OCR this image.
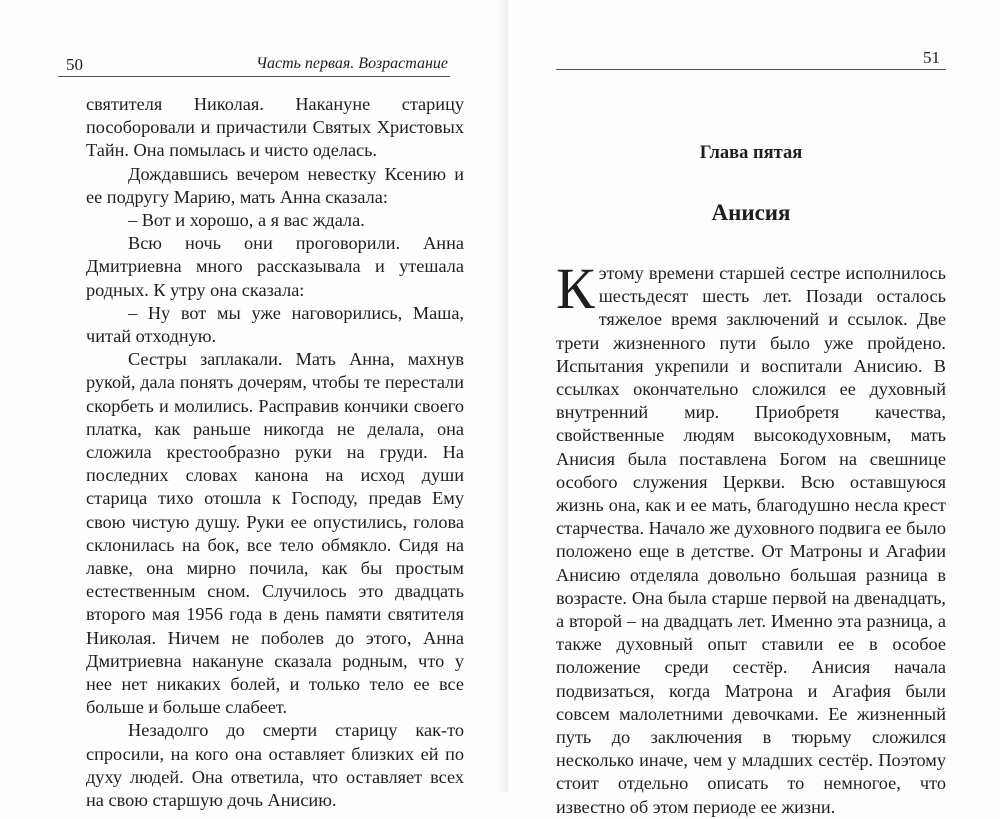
50	Часть первая. Возрастание

святителя Николая. Накануне старицу пособоровали и причастили Святых Христовых Тайн. Она помылась и чисто оделась.

Дождавшись вечером невестку Ксению и ее подругу Марию, мать Анна сказала:

– Вот и хорошо, а я вас ждала.

Всю ночь они проговорили. Анна Дмитриевна много рассказывала и утешала родных. К утру она сказала:

– Ну вот мы уже наговорились, Маша, читай отходную.

Сестры заплакали. Мать Анна, махнув рукой, дала понять дочерям, чтобы те перестали скорбеть и молились. Расправив кончики своего платка, как раньше никогда не делала, она сложила крестообразно руки на груди. На последних словах канона на исход души старица тихо отошла к Господу, предав Ему свою чистую душу. Руки ее опустились, голова склонилась на бок, все тело обмякло. Сидя на лавке, она мирно почила, как бы простым естественным сном. Случилось это двадцать второго мая 1956 года в день памяти святителя Николая. Ничем не поболев до этого, Анна Дмитриевна накануне сказала родным, что у нее нет никаких болей, и только тело ее все больше и больше слабеет.

Незадолго до смерти старицу как-то спросили, на кого она оставляет близких ей по духу людей. Она ответила, что оставляет всех на свою старшую дочь Анисию.

51
Глава пятая
Анисия

К этому времени старшей сестре исполнилось шестьдесят шесть лет. Позади осталось тяжелое время заключений и ссылок. Две трети жизненного пути было уже пройдено. Испытания укрепили и воспитали Анисию. В ссылках окончательно сложился ее духовный внутренний мир. Приобретя качества, свойственные людям высокодуховным, мать Анисия была поставлена Богом на свешнице особого служения Церкви. Всю оставшуюся жизнь она, как и ее мать, благодушно несла крест старчества. Начало же духовного подвига ее было положено еще в детстве. От Матроны и Агафии Анисию отделяла довольно большая разница в возрасте. Она была старше первой на двенадцать, а второй – на двадцать лет. Именно эта разница, а также духовный опыт ставили ее в особое положение среди сестёр. Анисия начала подвизаться, когда Матрона и Агафия были совсем малолетними девочками. Ее жизненный путь до заключения в тюрьму сложился несколько иначе, чем у младших сестёр. Поэтому стоит отдельно описать то немногое, что известно об этом периоде ее жизни.
